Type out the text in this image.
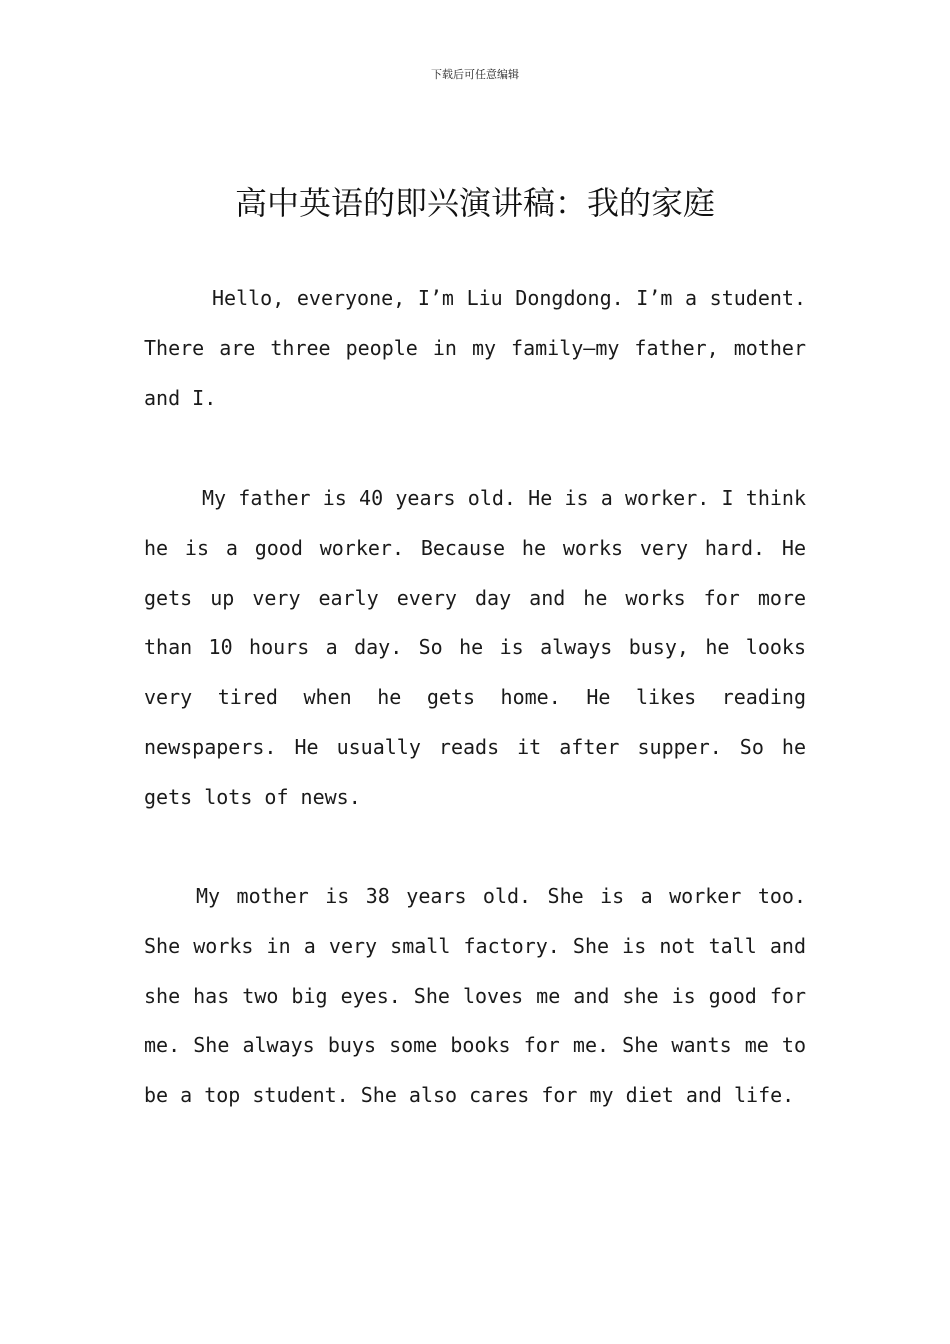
下载后可任意编辑
高中英语的即兴演讲稿：我的家庭

Hello, everyone, I’m Liu Dongdong. I’m a student. There are three people in my family—my father, mother and I.

My father is 40 years old. He is a worker. I think he is a good worker. Because he works very hard. He gets up very early every day and he works for more than 10 hours a day. So he is always busy, he looks very tired when he gets home. He likes reading newspapers. He usually reads it after supper. So he gets lots of news.

My mother is 38 years old. She is a worker too. She works in a very small factory. She is not tall and she has two big eyes. She loves me and she is good for me. She always buys some books for me. She wants me to be a top student. She also cares for my diet and life.
